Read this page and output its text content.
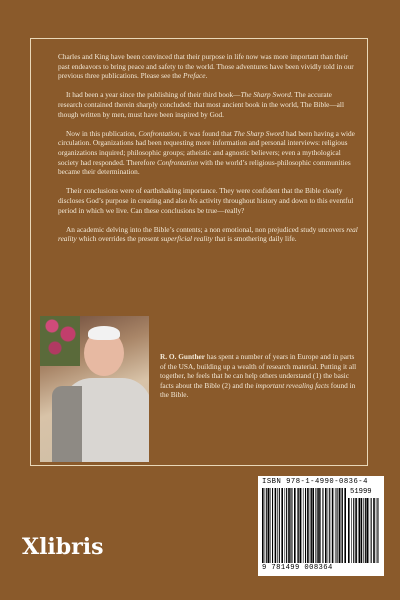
Charles and King have been convinced that their purpose in life now was more important than their past endeavors to bring peace and safety to the world. Those adventures have been vividly told in our previous three publications. Please see the Preface.

It had been a year since the publishing of their third book—The Sharp Sword. The accurate research contained therein sharply concluded: that most ancient book in the world, The Bible—all though written by men, must have been inspired by God.

Now in this publication, Confrontation, it was found that The Sharp Sword had been having a wide circulation. Organizations had been requesting more information and personal interviews: religious organizations inquired; philosophic groups; atheistic and agnostic believers; even a mythological society had responded. Therefore Confrontation with the world’s religious-philosophic communities became their determination.

Their conclusions were of earthshaking importance. They were confident that the Bible clearly discloses God’s purpose in creating and also his activity throughout history and down to this eventful period in which we live. Can these conclusions be true—really?

An academic delving into the Bible’s contents; a non emotional, non prejudiced study uncovers real reality which overrides the present superficial reality that is smothering daily life.

R. O. Gunther has spent a number of years in Europe and in parts of the USA, building up a wealth of research material. Putting it all together, he feels that he can help others understand (1) the basic facts about the Bible (2) and the important revealing facts found in the Bible.
ISBN 978-1-4990-0836-4
51999
9 781499 008364
Xlibris
